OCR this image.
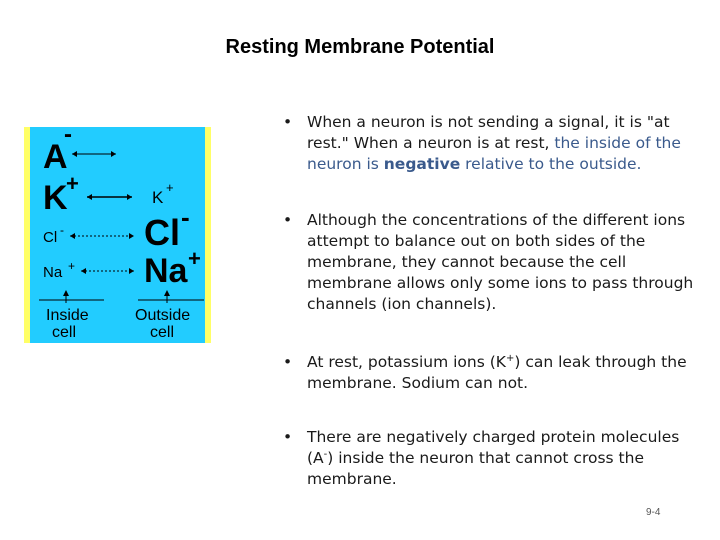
Resting Membrane Potential
A
-
K
+
Cl -
Na +
K
+
Cl -
Na +
Inside
cell
Outside
cell
• When a neuron is not sending a signal, it is "at rest." When a neuron is at rest, the inside of the neuron is negative relative to the outside.
• Although the concentrations of the different ions attempt to balance out on both sides of the membrane, they cannot because the cell membrane allows only some ions to pass through channels (ion channels).
• At rest, potassium ions (K+) can leak through the membrane. Sodium can not.
• There are negatively charged protein molecules (A-) inside the neuron that cannot cross the membrane.
9-4
